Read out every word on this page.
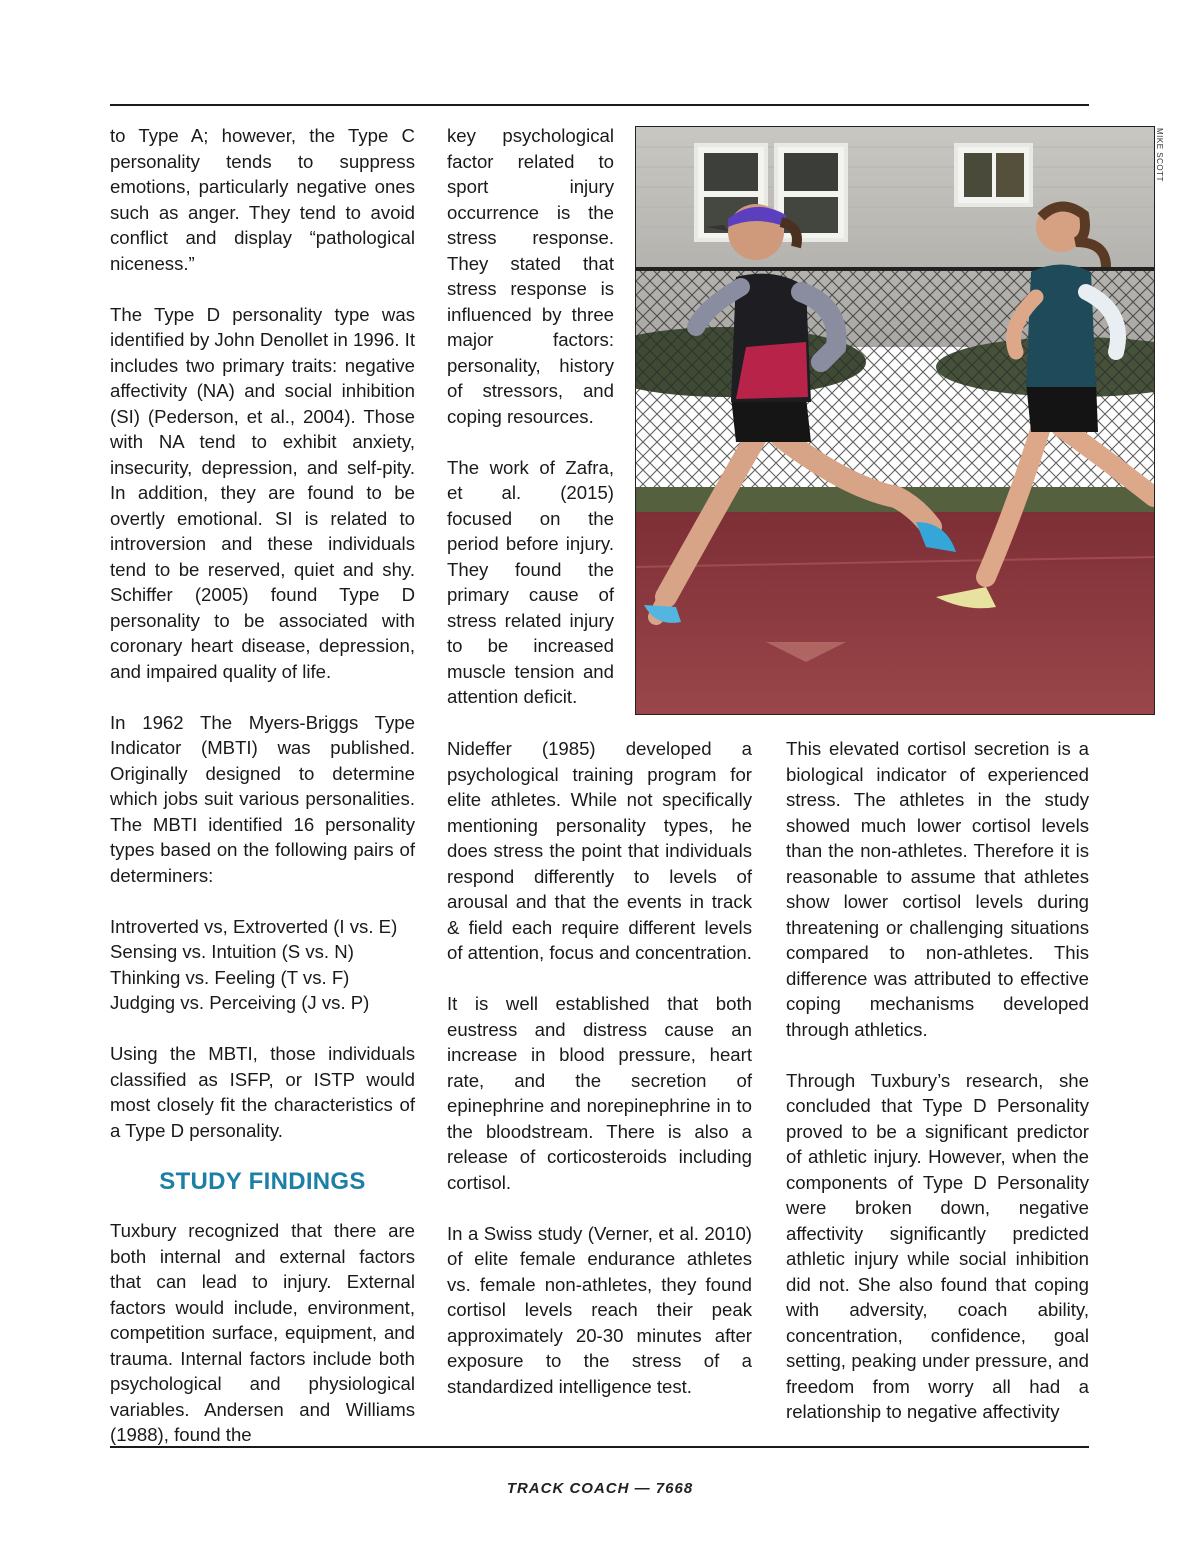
to Type A; however, the Type C personality tends to suppress emotions, particularly negative ones such as anger. They tend to avoid conflict and display “pathological niceness.”

The Type D personality type was identified by John Denollet in 1996. It includes two primary traits: negative affectivity (NA) and social inhibition (SI) (Pederson, et al., 2004). Those with NA tend to exhibit anxiety, insecurity, depression, and self-pity. In addition, they are found to be overtly emotional. SI is related to introversion and these individuals tend to be reserved, quiet and shy. Schiffer (2005) found Type D personality to be associated with coronary heart disease, depression, and impaired quality of life.

In 1962 The Myers-Briggs Type Indicator (MBTI) was published. Originally designed to determine which jobs suit various personalities. The MBTI identified 16 personality types based on the following pairs of determiners:

Introverted vs, Extroverted (I vs. E)
Sensing vs. Intuition (S vs. N)
Thinking vs. Feeling (T vs. F)
Judging vs. Perceiving (J vs. P)

Using the MBTI, those individuals classified as ISFP, or ISTP would most closely fit the characteristics of a Type D personality.

STUDY FINDINGS

Tuxbury recognized that there are both internal and external factors that can lead to injury. External factors would include, environment, competition surface, equipment, and trauma. Internal factors include both psychological and physiological variables. Andersen and Williams (1988), found the

key psychological factor related to sport injury occurrence is the stress response. They stated that stress response is influenced by three major factors: personality, history of stressors, and coping resources.

The work of Zafra, et al. (2015) focused on the period before injury. They found the primary cause of stress related injury to be increased muscle tension and attention deficit.

MIKE SCOTT

Nideffer (1985) developed a psychological training program for elite athletes. While not specifically mentioning personality types, he does stress the point that individuals respond differently to levels of arousal and that the events in track & field each require different levels of attention, focus and concentration.

It is well established that both eustress and distress cause an increase in blood pressure, heart rate, and the secretion of epinephrine and norepinephrine in to the bloodstream. There is also a release of corticosteroids including cortisol.

In a Swiss study (Verner, et al. 2010) of elite female endurance athletes vs. female non-athletes, they found cortisol levels reach their peak approximately 20-30 minutes after exposure to the stress of a standardized intelligence test.

This elevated cortisol secretion is a biological indicator of experienced stress. The athletes in the study showed much lower cortisol levels than the non-athletes. Therefore it is reasonable to assume that athletes show lower cortisol levels during threatening or challenging situations compared to non-athletes. This difference was attributed to effective coping mechanisms developed through athletics.

Through Tuxbury’s research, she concluded that Type D Personality proved to be a significant predictor of athletic injury. However, when the components of Type D Personality were broken down, negative affectivity significantly predicted athletic injury while social inhibition did not. She also found that coping with adversity, coach ability, concentration, confidence, goal setting, peaking under pressure, and freedom from worry all had a relationship to negative affectivity

TRACK COACH — 7668
